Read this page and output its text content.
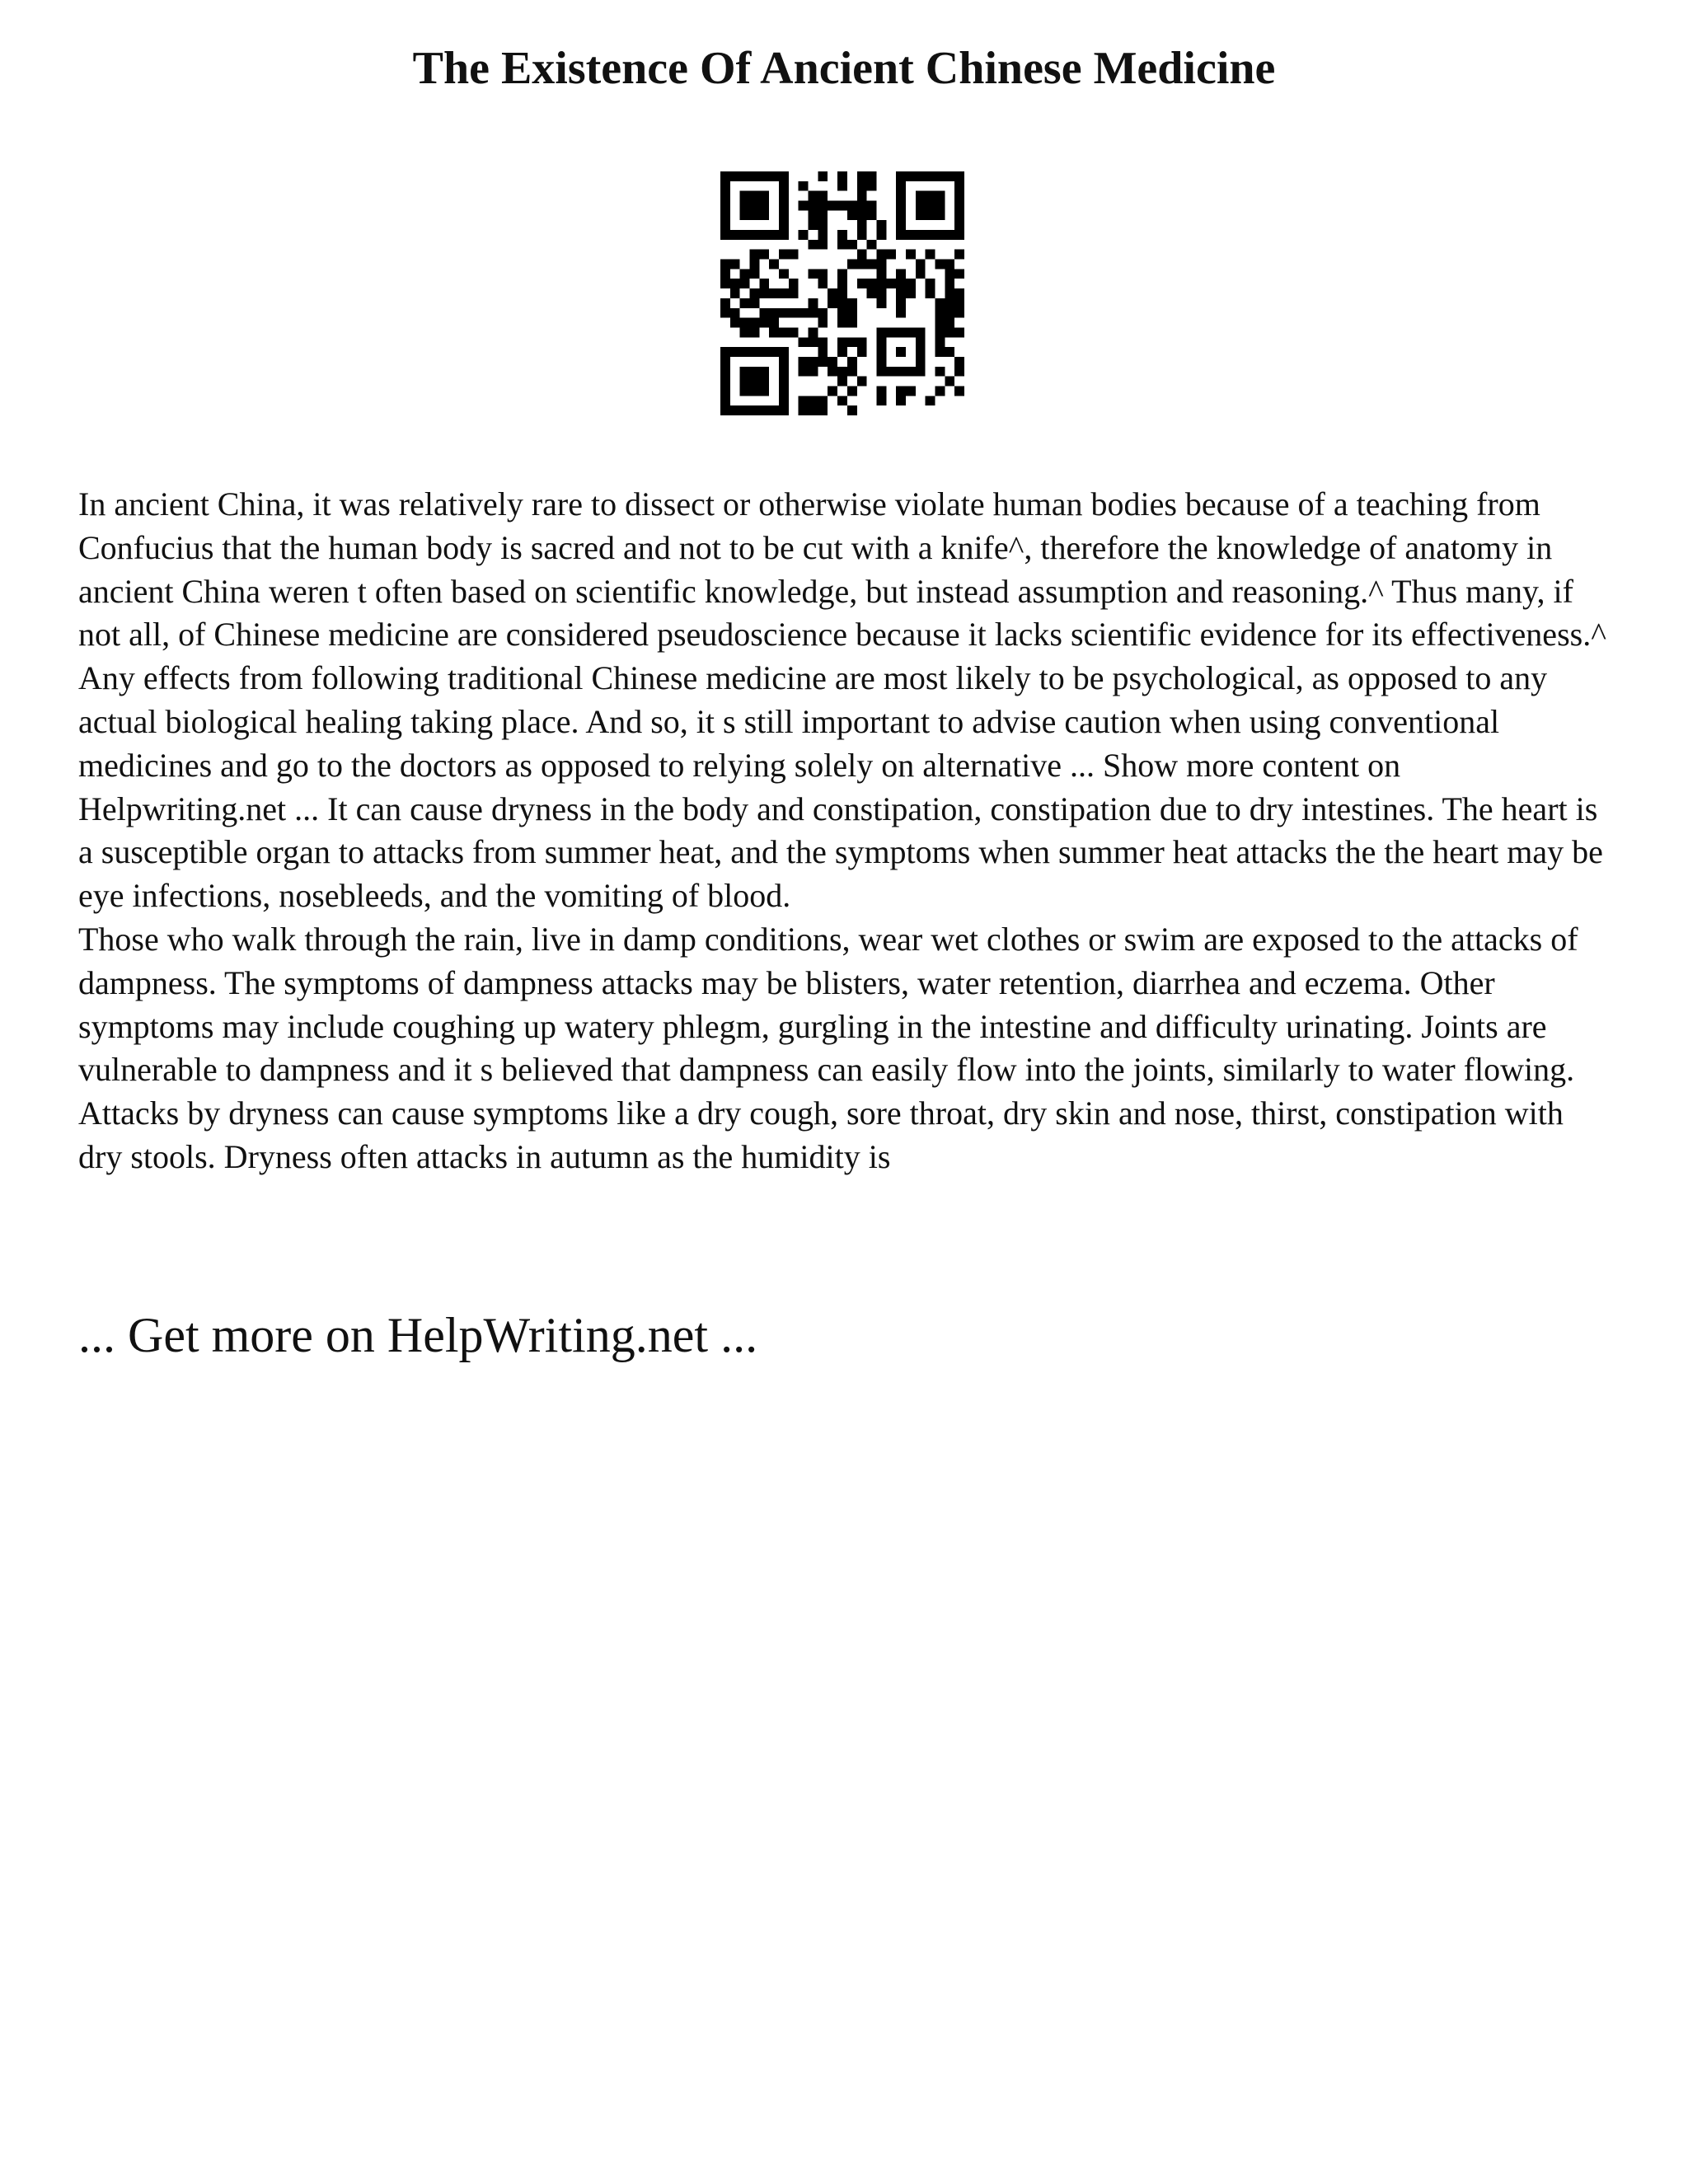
The Existence Of Ancient Chinese Medicine

In ancient China, it was relatively rare to dissect or otherwise violate human bodies because of a teaching from Confucius that the human body is sacred and not to be cut with a knife^, therefore the knowledge of anatomy in ancient China weren t often based on scientific knowledge, but instead assumption and reasoning.^ Thus many, if not all, of Chinese medicine are considered pseudoscience because it lacks scientific evidence for its effectiveness.^ Any effects from following traditional Chinese medicine are most likely to be psychological, as opposed to any actual biological healing taking place. And so, it s still important to advise caution when using conventional medicines and go to the doctors as opposed to relying solely on alternative ... Show more content on Helpwriting.net ... It can cause dryness in the body and constipation, constipation due to dry intestines. The heart is a susceptible organ to attacks from summer heat, and the symptoms when summer heat attacks the the heart may be eye infections, nosebleeds, and the vomiting of blood.

Those who walk through the rain, live in damp conditions, wear wet clothes or swim are exposed to the attacks of dampness. The symptoms of dampness attacks may be blisters, water retention, diarrhea and eczema. Other symptoms may include coughing up watery phlegm, gurgling in the intestine and difficulty urinating. Joints are vulnerable to dampness and it s believed that dampness can easily flow into the joints, similarly to water flowing.

Attacks by dryness can cause symptoms like a dry cough, sore throat, dry skin and nose, thirst, constipation with dry stools. Dryness often attacks in autumn as the humidity is

... Get more on HelpWriting.net ...
